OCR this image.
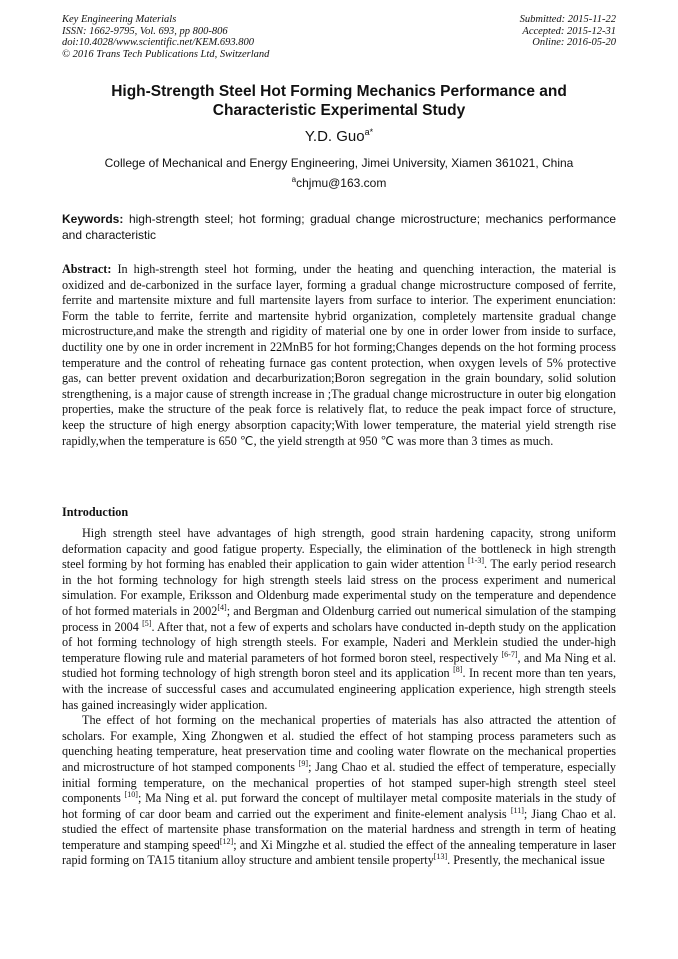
Key Engineering Materials
ISSN: 1662-9795, Vol. 693, pp 800-806
doi:10.4028/www.scientific.net/KEM.693.800
© 2016 Trans Tech Publications Ltd, Switzerland
Submitted: 2015-11-22
Accepted: 2015-12-31
Online: 2016-05-20
High-Strength Steel Hot Forming Mechanics Performance and
Characteristic Experimental Study
Y.D. Guo$^{a*}$
College of Mechanical and Energy Engineering, Jimei University, Xiamen 361021, China
$^a$chjmu@163.com
Keywords: high-strength steel; hot forming; gradual change microstructure; mechanics performance and characteristic
Abstract: In high-strength steel hot forming, under the heating and quenching interaction, the material is oxidized and de-carbonized in the surface layer, forming a gradual change microstructure composed of ferrite, ferrite and martensite mixture and full martensite layers from surface to interior. The experiment enunciation: Form the table to ferrite, ferrite and martensite hybrid organization, completely martensite gradual change microstructure,and make the strength and rigidity of material one by one in order lower from inside to surface, ductility one by one in order increment in 22MnB5 for hot forming;Changes depends on the hot forming process temperature and the control of reheating furnace gas content protection, when oxygen levels of 5% protective gas, can better prevent oxidation and decarburization;Boron segregation in the grain boundary, solid solution strengthening, is a major cause of strength increase in ;The gradual change microstructure in outer big elongation properties, make the structure of the peak force is relatively flat, to reduce the peak impact force of structure, keep the structure of high energy absorption capacity;With lower temperature, the material yield strength rise rapidly,when the temperature is 650 ℃, the yield strength at 950 ℃ was more than 3 times as much.
Introduction

High strength steel have advantages of high strength, good strain hardening capacity, strong uniform deformation capacity and good fatigue property. Especially, the elimination of the bottleneck in high strength steel forming by hot forming has enabled their application to gain wider attention [1-3]. The early period research in the hot forming technology for high strength steels laid stress on the process experiment and numerical simulation. For example, Eriksson and Oldenburg made experimental study on the temperature and dependence of hot formed materials in 2002[4]; and Bergman and Oldenburg carried out numerical simulation of the stamping process in 2004 [5]. After that, not a few of experts and scholars have conducted in-depth study on the application of hot forming technology of high strength steels. For example, Naderi and Merklein studied the under-high temperature flowing rule and material parameters of hot formed boron steel, respectively [6-7], and Ma Ning et al. studied hot forming technology of high strength boron steel and its application [8]. In recent more than ten years, with the increase of successful cases and accumulated engineering application experience, high strength steels has gained increasingly wider application.

The effect of hot forming on the mechanical properties of materials has also attracted the attention of scholars. For example, Xing Zhongwen et al. studied the effect of hot stamping process parameters such as quenching heating temperature, heat preservation time and cooling water flowrate on the mechanical properties and microstructure of hot stamped components [9]; Jang Chao et al. studied the effect of temperature, especially initial forming temperature, on the mechanical properties of hot stamped super-high strength steel steel components [10]; Ma Ning et al. put forward the concept of multilayer metal composite materials in the study of hot forming of car door beam and carried out the experiment and finite-element analysis [11]; Jiang Chao et al. studied the effect of martensite phase transformation on the material hardness and strength in term of heating temperature and stamping speed[12]; and Xi Mingzhe et al. studied the effect of the annealing temperature in laser rapid forming on TA15 titanium alloy structure and ambient tensile property[13]. Presently, the mechanical issue
